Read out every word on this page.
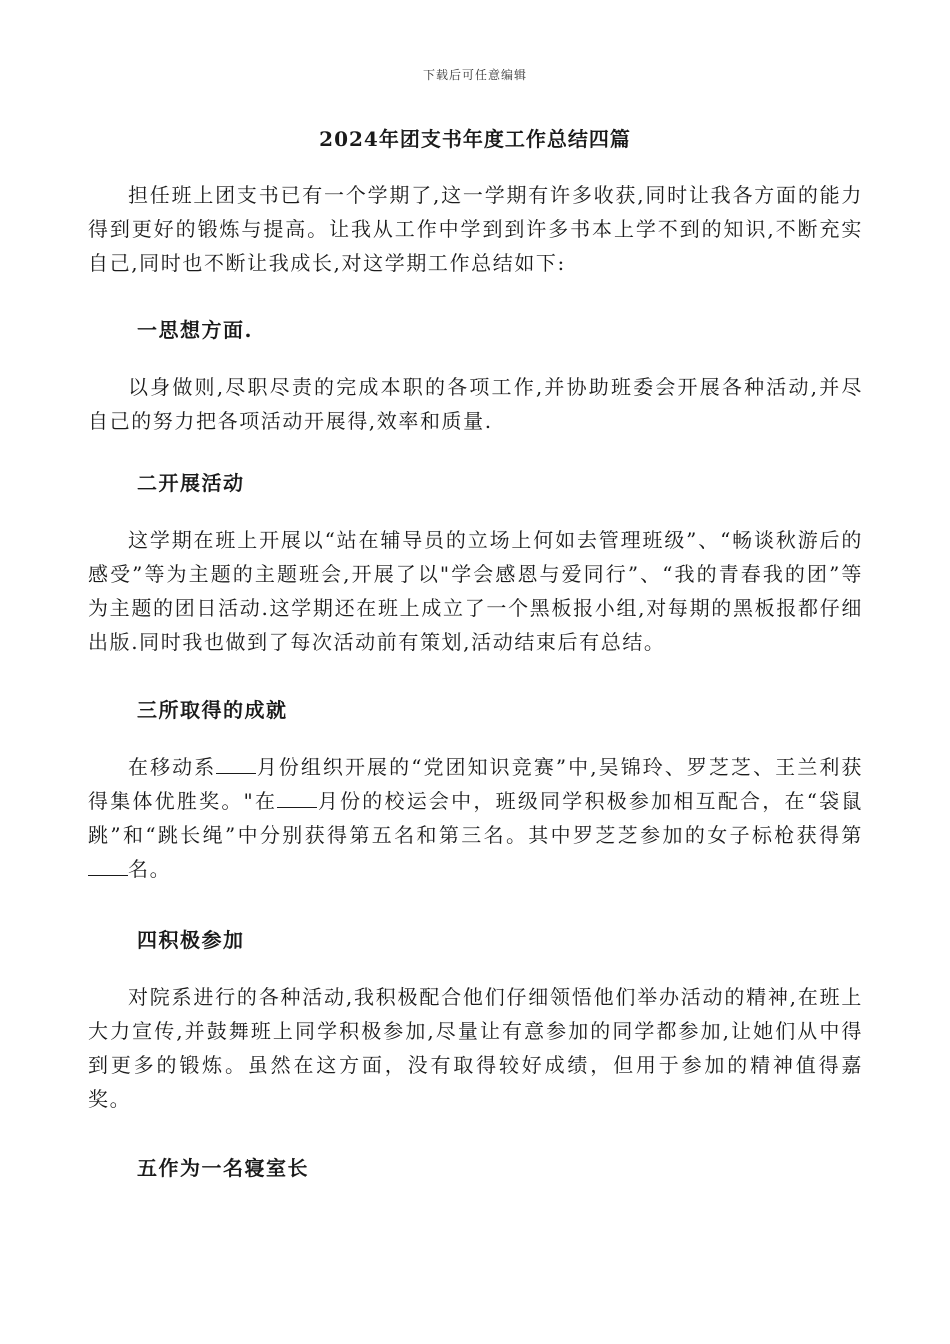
下载后可任意编辑
2024年团支书年度工作总结四篇

担任班上团支书已有一个学期了,这一学期有许多收获,同时让我各方面的能力得到更好的锻炼与提高。让我从工作中学到到许多书本上学不到的知识,不断充实自己,同时也不断让我成长,对这学期工作总结如下:

一思想方面.

以身做则,尽职尽责的完成本职的各项工作,并协助班委会开展各种活动,并尽自己的努力把各项活动开展得,效率和质量.

二开展活动

这学期在班上开展以“站在辅导员的立场上何如去管理班级”、“畅谈秋游后的感受”等为主题的主题班会,开展了以"学会感恩与爱同行”、“我的青春我的团”等为主题的团日活动.这学期还在班上成立了一个黑板报小组,对每期的黑板报都仔细出版.同时我也做到了每次活动前有策划,活动结束后有总结。

三所取得的成就

在移动系 月份组织开展的“党团知识竞赛”中,吴锦玲、罗芝芝、王兰利获得集体优胜奖。"在 月份的校运会中，班级同学积极参加相互配合，在“袋鼠跳”和“跳长绳”中分别获得第五名和第三名。其中罗芝芝参加的女子标枪获得第名。

四积极参加

对院系进行的各种活动,我积极配合他们仔细领悟他们举办活动的精神,在班上大力宣传,并鼓舞班上同学积极参加,尽量让有意参加的同学都参加,让她们从中得到更多的锻炼。虽然在这方面，没有取得较好成绩，但用于参加的精神值得嘉奖。

五作为一名寝室长
